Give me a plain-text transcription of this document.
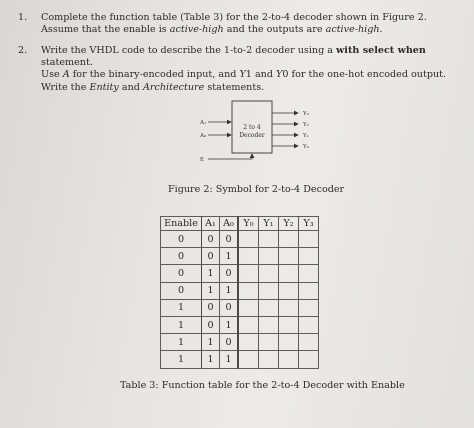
1. Complete the function table (Table 3) for the 2-to-4 decoder shown in Figure 2.
Assume that the enable is active-high and the outputs are active-high.
2. Write the VHDL code to describe the 1-to-2 decoder using a with select when statement.
Use A for the binary-encoded input, and Y1 and Y0 for the one-hot encoded output.
Write the Entity and Architecture statements.
2 to 4
Decoder
A₁
A₀
E
Y₃
Y₂
Y₁
Y₀
Figure 2: Symbol for 2-to-4 Decoder
Enable	A₁	A₀	Y₀	Y₁	Y₂	Y₃
0	0	0				
0	0	1				
0	1	0				
0	1	1				
1	0	0				
1	0	1				
1	1	0				
1	1	1				
Table 3: Function table for the 2-to-4 Decoder with Enable
